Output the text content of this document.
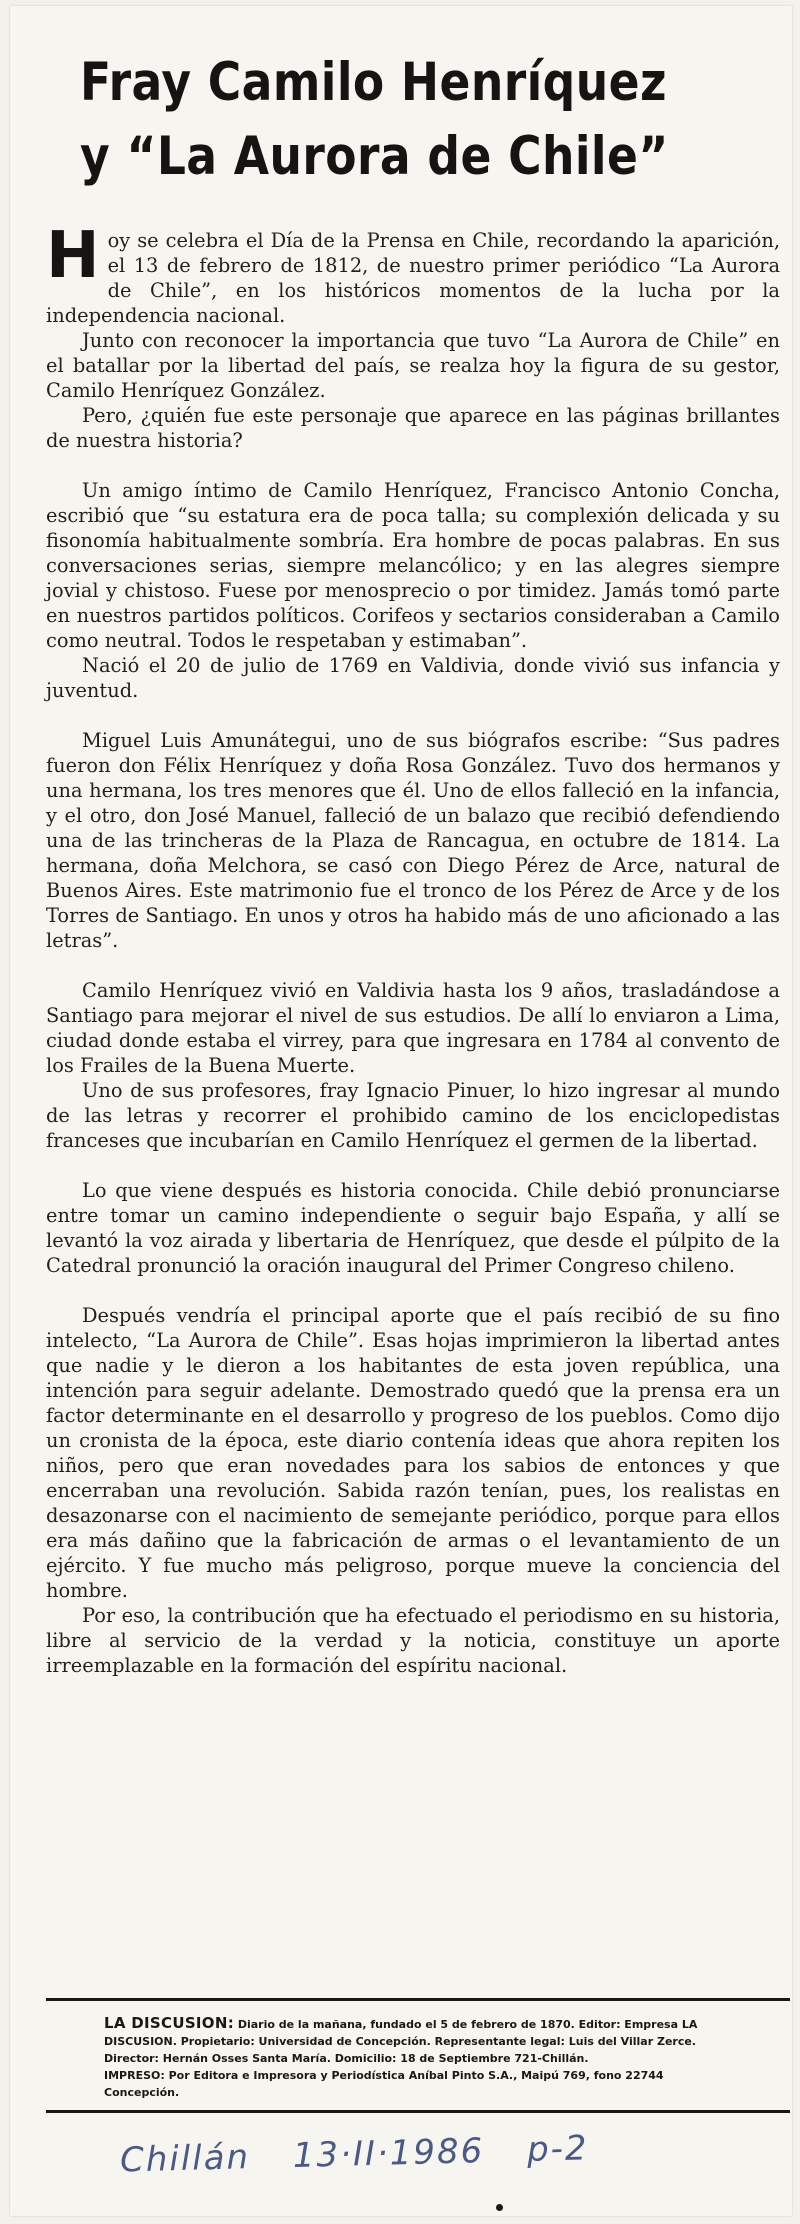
Fray Camilo Henríquez
y “La Aurora de Chile”

Hoy se celebra el Día de la Prensa en Chile, recordando la aparición, el 13 de febrero de 1812, de nuestro primer periódico “La Aurora de Chile”, en los históricos momentos de la lucha por la independencia nacional.

Junto con reconocer la importancia que tuvo “La Aurora de Chile” en el batallar por la libertad del país, se realza hoy la figura de su gestor, Camilo Henríquez González.

Pero, ¿quién fue este personaje que aparece en las páginas brillantes de nuestra historia?

Un amigo íntimo de Camilo Henríquez, Francisco Antonio Concha, escribió que “su estatura era de poca talla; su complexión delicada y su fisonomía habitualmente sombría. Era hombre de pocas palabras. En sus conversaciones serias, siempre melancólico; y en las alegres siempre jovial y chistoso. Fuese por menosprecio o por timidez. Jamás tomó parte en nuestros partidos políticos. Corifeos y sectarios consideraban a Camilo como neutral. Todos le respetaban y estimaban”.

Nació el 20 de julio de 1769 en Valdivia, donde vivió sus infancia y juventud.

Miguel Luis Amunátegui, uno de sus biógrafos escribe: “Sus padres fueron don Félix Henríquez y doña Rosa González. Tuvo dos hermanos y una hermana, los tres menores que él. Uno de ellos falleció en la infancia, y el otro, don José Manuel, falleció de un balazo que recibió defendiendo una de las trincheras de la Plaza de Rancagua, en octubre de 1814. La hermana, doña Melchora, se casó con Diego Pérez de Arce, natural de Buenos Aires. Este matrimonio fue el tronco de los Pérez de Arce y de los Torres de Santiago. En unos y otros ha habido más de uno aficionado a las letras”.

Camilo Henríquez vivió en Valdivia hasta los 9 años, trasladándose a Santiago para mejorar el nivel de sus estudios. De allí lo enviaron a Lima, ciudad donde estaba el virrey, para que ingresara en 1784 al convento de los Frailes de la Buena Muerte.

Uno de sus profesores, fray Ignacio Pinuer, lo hizo ingresar al mundo de las letras y recorrer el prohibido camino de los enciclopedistas franceses que incubarían en Camilo Henríquez el germen de la libertad.

Lo que viene después es historia conocida. Chile debió pronunciarse entre tomar un camino independiente o seguir bajo España, y allí se levantó la voz airada y libertaria de Henríquez, que desde el púlpito de la Catedral pronunció la oración inaugural del Primer Congreso chileno.

Después vendría el principal aporte que el país recibió de su fino intelecto, “La Aurora de Chile”. Esas hojas imprimieron la libertad antes que nadie y le dieron a los habitantes de esta joven república, una intención para seguir adelante. Demostrado quedó que la prensa era un factor determinante en el desarrollo y progreso de los pueblos. Como dijo un cronista de la época, este diario contenía ideas que ahora repiten los niños, pero que eran novedades para los sabios de entonces y que encerraban una revolución. Sabida razón tenían, pues, los realistas en desazonarse con el nacimiento de semejante periódico, porque para ellos era más dañino que la fabricación de armas o el levantamiento de un ejército. Y fue mucho más peligroso, porque mueve la conciencia del hombre.

Por eso, la contribución que ha efectuado el periodismo en su historia, libre al servicio de la verdad y la noticia, constituye un aporte irreemplazable en la formación del espíritu nacional.

LA DISCUSION: Diario de la mañana, fundado el 5 de febrero de 1870. Editor: Empresa LA
DISCUSION. Propietario: Universidad de Concepción. Representante legal: Luis del Villar Zerce.
Director: Hernán Osses Santa María. Domicilio: 18 de Septiembre 721-Chillán.
IMPRESO: Por Editora e Impresora y Periodística Aníbal Pinto S.A., Maipú 769, fono 22744
Concepción.
Chillán 13·II·1986 p-2
